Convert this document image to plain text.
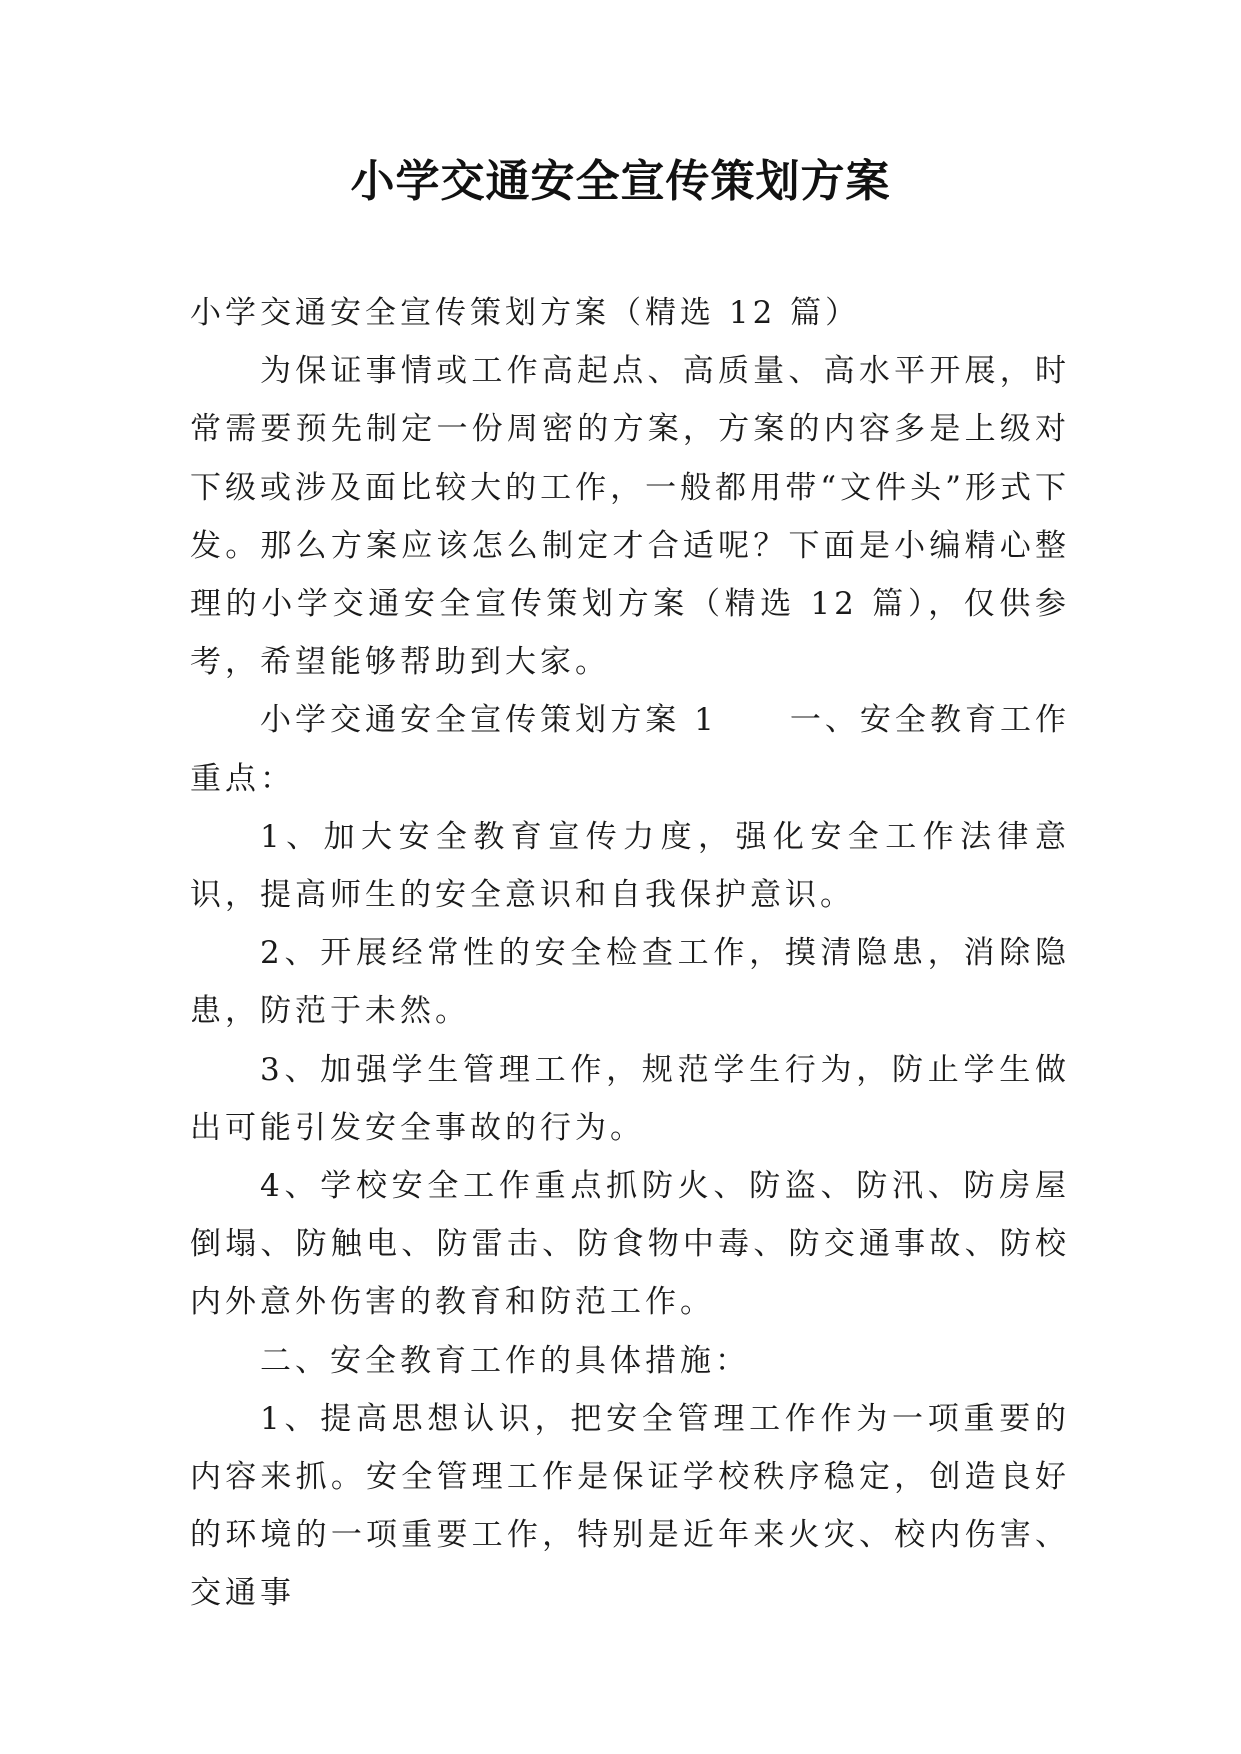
小学交通安全宣传策划方案

小学交通安全宣传策划方案（精选 12 篇）

为保证事情或工作高起点、高质量、高水平开展，时常需要预先制定一份周密的方案，方案的内容多是上级对下级或涉及面比较大的工作，一般都用带“文件头”形式下发。那么方案应该怎么制定才合适呢？下面是小编精心整理的小学交通安全宣传策划方案（精选 12 篇），仅供参考，希望能够帮助到大家。

小学交通安全宣传策划方案 1 一、安全教育工作重点：

1、加大安全教育宣传力度，强化安全工作法律意识，提高师生的安全意识和自我保护意识。

2、开展经常性的安全检查工作，摸清隐患，消除隐患，防范于未然。

3、加强学生管理工作，规范学生行为，防止学生做出可能引发安全事故的行为。

4、学校安全工作重点抓防火、防盗、防汛、防房屋倒塌、防触电、防雷击、防食物中毒、防交通事故、防校内外意外伤害的教育和防范工作。

二、安全教育工作的具体措施：

1、提高思想认识，把安全管理工作作为一项重要的内容来抓。安全管理工作是保证学校秩序稳定，创造良好的环境的一项重要工作，特别是近年来火灾、校内伤害、交通事
